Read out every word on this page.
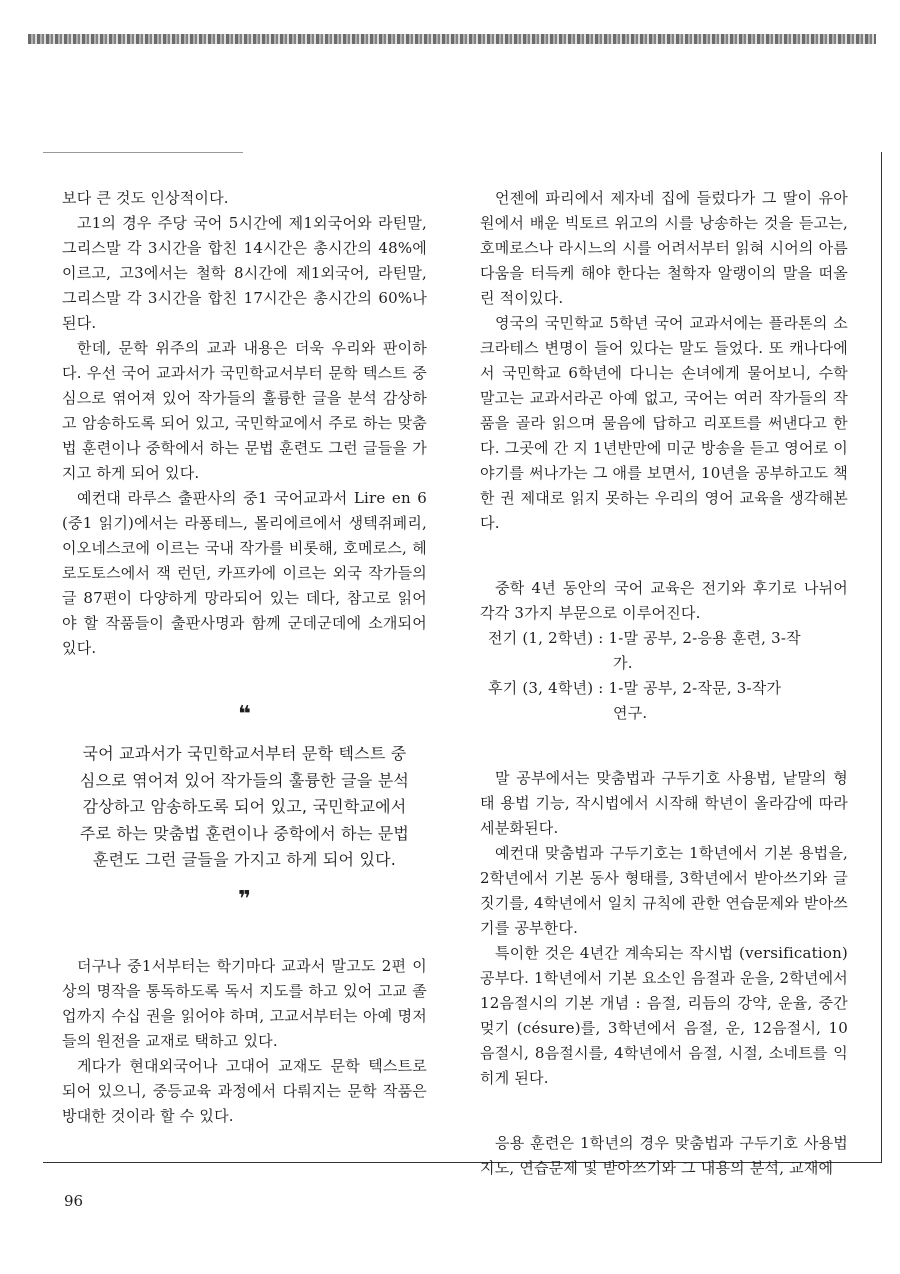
보다 큰 것도 인상적이다.

고1의 경우 주당 국어 5시간에 제1외국어와 라틴말, 그리스말 각 3시간을 합친 14시간은 총시간의 48%에 이르고, 고3에서는 철학 8시간에 제1외국어, 라틴말, 그리스말 각 3시간을 합친 17시간은 총시간의 60%나 된다.

한데, 문학 위주의 교과 내용은 더욱 우리와 판이하다. 우선 국어 교과서가 국민학교서부터 문학 텍스트 중심으로 엮어져 있어 작가들의 훌륭한 글을 분석 감상하고 암송하도록 되어 있고, 국민학교에서 주로 하는 맞춤법 훈련이나 중학에서 하는 문법 훈련도 그런 글들을 가지고 하게 되어 있다.

예컨대 라루스 출판사의 중1 국어교과서 Lire en 6 (중1 읽기)에서는 라퐁테느, 몰리에르에서 생텍쥐페리, 이오네스코에 이르는 국내 작가를 비롯해, 호메로스, 헤로도토스에서 잭 런던, 카프카에 이르는 외국 작가들의 글 87편이 다양하게 망라되어 있는 데다, 참고로 읽어야 할 작품들이 출판사명과 함께 군데군데에 소개되어 있다.

❝

국어 교과서가 국민학교서부터 문학 텍스트 중심으로 엮어져 있어 작가들의 훌륭한 글을 분석 감상하고 암송하도록 되어 있고, 국민학교에서 주로 하는 맞춤법 훈련이나 중학에서 하는 문법 훈련도 그런 글들을 가지고 하게 되어 있다.

❞

더구나 중1서부터는 학기마다 교과서 말고도 2편 이상의 명작을 통독하도록 독서 지도를 하고 있어 고교 졸업까지 수십 권을 읽어야 하며, 고교서부터는 아예 명저들의 원전을 교재로 택하고 있다.

게다가 현대외국어나 고대어 교재도 문학 텍스트로 되어 있으니, 중등교육 과정에서 다뤄지는 문학 작품은 방대한 것이라 할 수 있다.

언젠에 파리에서 제자네 집에 들렀다가 그 딸이 유아원에서 배운 빅토르 위고의 시를 낭송하는 것을 듣고는, 호메로스나 라시느의 시를 어려서부터 읽혀 시어의 아름다움을 터득케 해야 한다는 철학자 알랭이의 말을 떠올린 적이있다.

영국의 국민학교 5학년 국어 교과서에는 플라톤의 소크라테스 변명이 들어 있다는 말도 들었다. 또 캐나다에서 국민학교 6학년에 다니는 손녀에게 물어보니, 수학 말고는 교과서라곤 아예 없고, 국어는 여러 작가들의 작품을 골라 읽으며 물음에 답하고 리포트를 써낸다고 한다. 그곳에 간 지 1년반만에 미군 방송을 듣고 영어로 이야기를 써나가는 그 애를 보면서, 10년을 공부하고도 책 한 권 제대로 읽지 못하는 우리의 영어 교육을 생각해본다.

중학 4년 동안의 국어 교육은 전기와 후기로 나뉘어 각각 3가지 부문으로 이루어진다.

전기 (1, 2학년) : 1-말 공부, 2-응용 훈련, 3-작
가.
후기 (3, 4학년) : 1-말 공부, 2-작문, 3-작가
연구.

말 공부에서는 맞춤법과 구두기호 사용법, 낱말의 형태 용법 기능, 작시법에서 시작해 학년이 올라감에 따라 세분화된다.

예컨대 맞춤법과 구두기호는 1학년에서 기본 용법을, 2학년에서 기본 동사 형태를, 3학년에서 받아쓰기와 글짓기를, 4학년에서 일치 규칙에 관한 연습문제와 받아쓰기를 공부한다.

특이한 것은 4년간 계속되는 작시법 (versification) 공부다. 1학년에서 기본 요소인 음절과 운을, 2학년에서 12음절시의 기본 개념 : 음절, 리듬의 강약, 운율, 중간 멎기 (césure)를, 3학년에서 음절, 운, 12음절시, 10음절시, 8음절시를, 4학년에서 음절, 시절, 소네트를 익히게 된다.

응용 훈련은 1학년의 경우 맞춤법과 구두기호 사용법 지도, 연습문제 및 받아쓰기와 그 내용의 분석, 교재에

96
